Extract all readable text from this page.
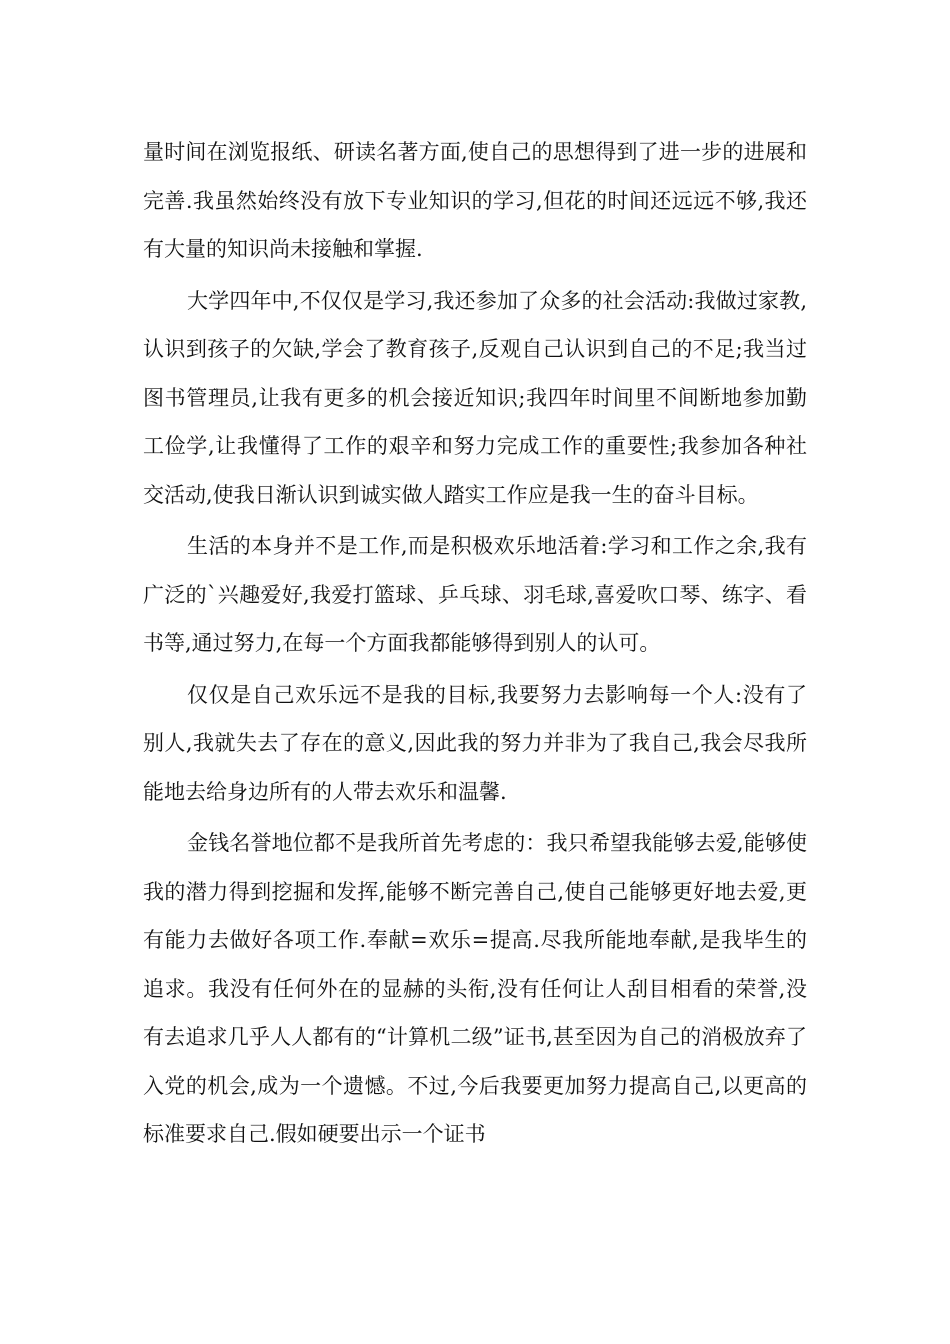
量时间在浏览报纸、研读名著方面,使自己的思想得到了进一步的进展和完善.我虽然始终没有放下专业知识的学习,但花的时间还远远不够,我还有大量的知识尚未接触和掌握.

大学四年中,不仅仅是学习,我还参加了众多的社会活动:我做过家教,认识到孩子的欠缺,学会了教育孩子,反观自己认识到自己的不足;我当过图书管理员,让我有更多的机会接近知识;我四年时间里不间断地参加勤工俭学,让我懂得了工作的艰辛和努力完成工作的重要性;我参加各种社交活动,使我日渐认识到诚实做人踏实工作应是我一生的奋斗目标。

生活的本身并不是工作,而是积极欢乐地活着:学习和工作之余,我有广泛的`兴趣爱好,我爱打篮球、乒乓球、羽毛球,喜爱吹口琴、练字、看书等,通过努力,在每一个方面我都能够得到别人的认可。

仅仅是自己欢乐远不是我的目标,我要努力去影响每一个人:没有了别人,我就失去了存在的意义,因此我的努力并非为了我自己,我会尽我所能地去给身边所有的人带去欢乐和温馨.

金钱名誉地位都不是我所首先考虑的：我只希望我能够去爱,能够使我的潜力得到挖掘和发挥,能够不断完善自己,使自己能够更好地去爱,更有能力去做好各项工作.奉献=欢乐=提高.尽我所能地奉献,是我毕生的追求。我没有任何外在的显赫的头衔,没有任何让人刮目相看的荣誉,没有去追求几乎人人都有的“计算机二级”证书,甚至因为自己的消极放弃了入党的机会,成为一个遗憾。不过,今后我要更加努力提高自己,以更高的标准要求自己.假如硬要出示一个证书
